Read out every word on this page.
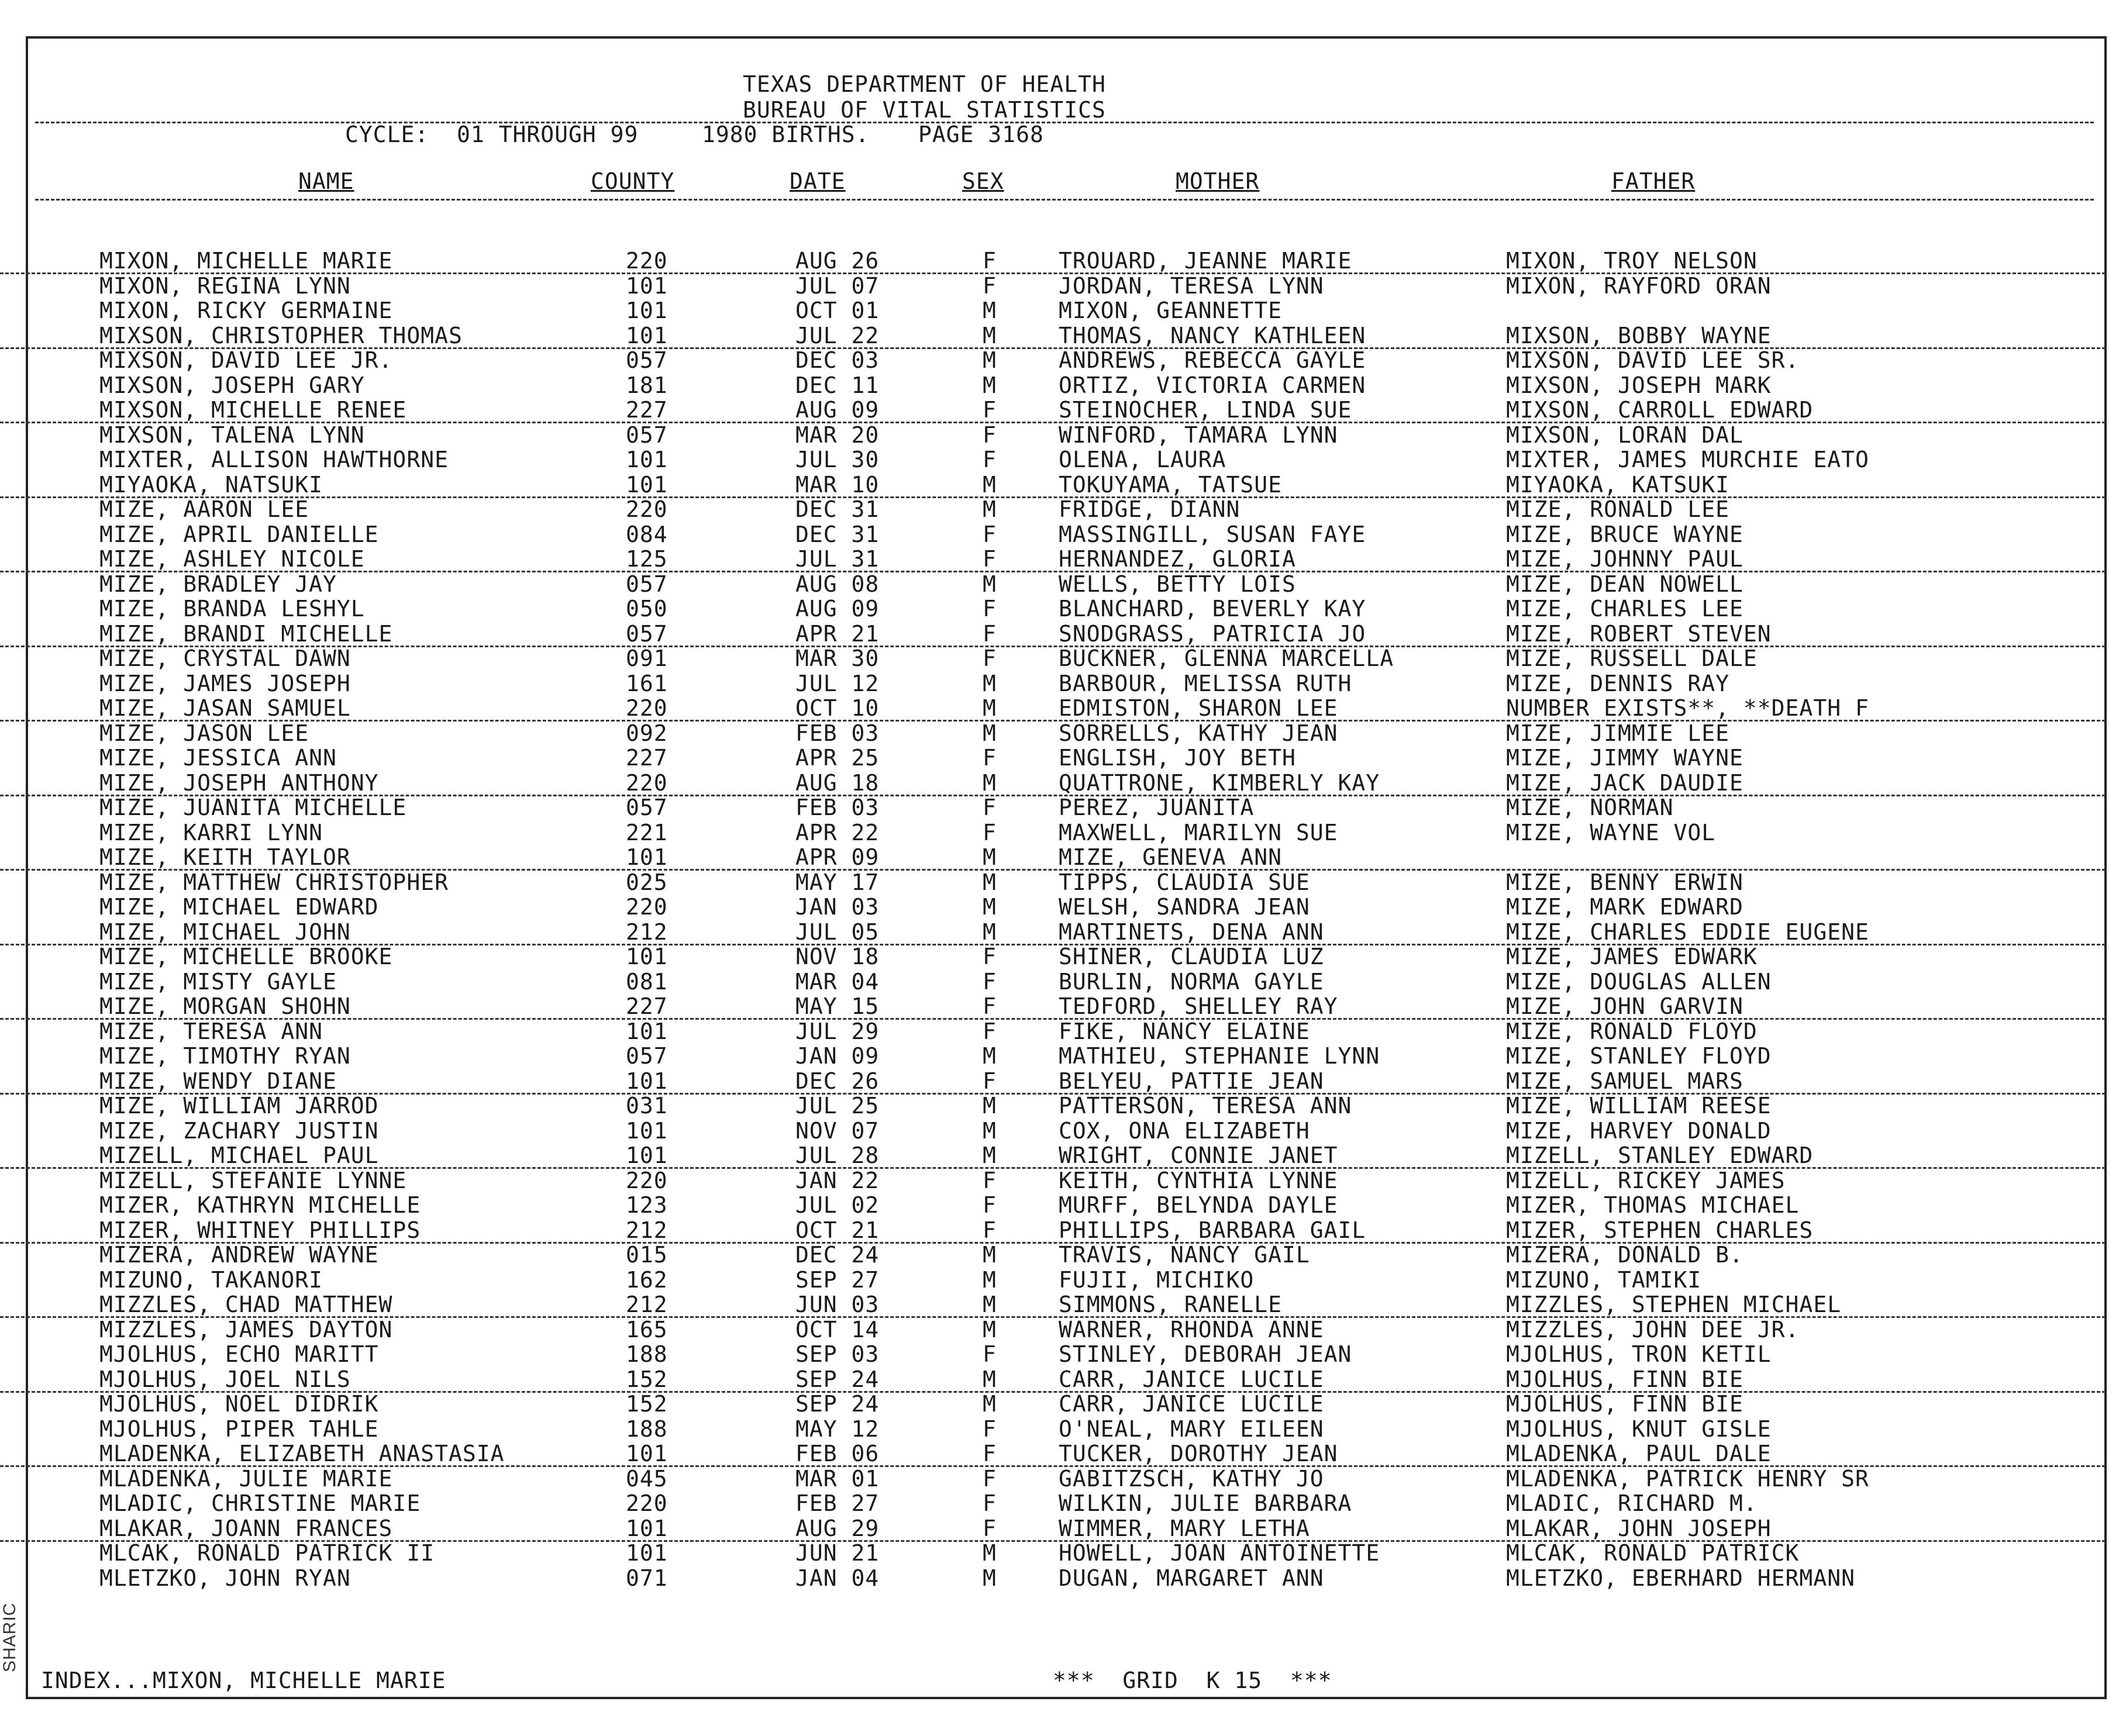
SHARIC
TEXAS DEPARTMENT OF HEALTH
BUREAU OF VITAL STATISTICS
CYCLE:  01 THROUGH 99	1980 BIRTHS. PAGE 3168
NAME	COUNTY	DATE	SEX	MOTHER	FATHER
MIXON, MICHELLE MARIE	220	AUG 26	F	TROUARD, JEANNE MARIE	MIXON, TROY NELSON
MIXON, REGINA LYNN	101	JUL 07	F	JORDAN, TERESA LYNN	MIXON, RAYFORD ORAN
MIXON, RICKY GERMAINE	101	OCT 01	M	MIXON, GEANNETTE
MIXSON, CHRISTOPHER THOMAS	101	JUL 22	M	THOMAS, NANCY KATHLEEN	MIXSON, BOBBY WAYNE
MIXSON, DAVID LEE JR.	057	DEC 03	M	ANDREWS, REBECCA GAYLE	MIXSON, DAVID LEE SR.
MIXSON, JOSEPH GARY	181	DEC 11	M	ORTIZ, VICTORIA CARMEN	MIXSON, JOSEPH MARK
MIXSON, MICHELLE RENEE	227	AUG 09	F	STEINOCHER, LINDA SUE	MIXSON, CARROLL EDWARD
MIXSON, TALENA LYNN	057	MAR 20	F	WINFORD, TAMARA LYNN	MIXSON, LORAN DAL
MIXTER, ALLISON HAWTHORNE	101	JUL 30	F	OLENA, LAURA	MIXTER, JAMES MURCHIE EATO
MIYAOKA, NATSUKI	101	MAR 10	M	TOKUYAMA, TATSUE	MIYAOKA, KATSUKI
MIZE, AARON LEE	220	DEC 31	M	FRIDGE, DIANN	MIZE, RONALD LEE
MIZE, APRIL DANIELLE	084	DEC 31	F	MASSINGILL, SUSAN FAYE	MIZE, BRUCE WAYNE
MIZE, ASHLEY NICOLE	125	JUL 31	F	HERNANDEZ, GLORIA	MIZE, JOHNNY PAUL
MIZE, BRADLEY JAY	057	AUG 08	M	WELLS, BETTY LOIS	MIZE, DEAN NOWELL
MIZE, BRANDA LESHYL	050	AUG 09	F	BLANCHARD, BEVERLY KAY	MIZE, CHARLES LEE
MIZE, BRANDI MICHELLE	057	APR 21	F	SNODGRASS, PATRICIA JO	MIZE, ROBERT STEVEN
MIZE, CRYSTAL DAWN	091	MAR 30	F	BUCKNER, GLENNA MARCELLA	MIZE, RUSSELL DALE
MIZE, JAMES JOSEPH	161	JUL 12	M	BARBOUR, MELISSA RUTH	MIZE, DENNIS RAY
MIZE, JASAN SAMUEL	220	OCT 10	M	EDMISTON, SHARON LEE	NUMBER EXISTS**, **DEATH F
MIZE, JASON LEE	092	FEB 03	M	SORRELLS, KATHY JEAN	MIZE, JIMMIE LEE
MIZE, JESSICA ANN	227	APR 25	F	ENGLISH, JOY BETH	MIZE, JIMMY WAYNE
MIZE, JOSEPH ANTHONY	220	AUG 18	M	QUATTRONE, KIMBERLY KAY	MIZE, JACK DAUDIE
MIZE, JUANITA MICHELLE	057	FEB 03	F	PEREZ, JUANITA	MIZE, NORMAN
MIZE, KARRI LYNN	221	APR 22	F	MAXWELL, MARILYN SUE	MIZE, WAYNE VOL
MIZE, KEITH TAYLOR	101	APR 09	M	MIZE, GENEVA ANN
MIZE, MATTHEW CHRISTOPHER	025	MAY 17	M	TIPPS, CLAUDIA SUE	MIZE, BENNY ERWIN
MIZE, MICHAEL EDWARD	220	JAN 03	M	WELSH, SANDRA JEAN	MIZE, MARK EDWARD
MIZE, MICHAEL JOHN	212	JUL 05	M	MARTINETS, DENA ANN	MIZE, CHARLES EDDIE EUGENE
MIZE, MICHELLE BROOKE	101	NOV 18	F	SHINER, CLAUDIA LUZ	MIZE, JAMES EDWARK
MIZE, MISTY GAYLE	081	MAR 04	F	BURLIN, NORMA GAYLE	MIZE, DOUGLAS ALLEN
MIZE, MORGAN SHOHN	227	MAY 15	F	TEDFORD, SHELLEY RAY	MIZE, JOHN GARVIN
MIZE, TERESA ANN	101	JUL 29	F	FIKE, NANCY ELAINE	MIZE, RONALD FLOYD
MIZE, TIMOTHY RYAN	057	JAN 09	M	MATHIEU, STEPHANIE LYNN	MIZE, STANLEY FLOYD
MIZE, WENDY DIANE	101	DEC 26	F	BELYEU, PATTIE JEAN	MIZE, SAMUEL MARS
MIZE, WILLIAM JARROD	031	JUL 25	M	PATTERSON, TERESA ANN	MIZE, WILLIAM REESE
MIZE, ZACHARY JUSTIN	101	NOV 07	M	COX, ONA ELIZABETH	MIZE, HARVEY DONALD
MIZELL, MICHAEL PAUL	101	JUL 28	M	WRIGHT, CONNIE JANET	MIZELL, STANLEY EDWARD
MIZELL, STEFANIE LYNNE	220	JAN 22	F	KEITH, CYNTHIA LYNNE	MIZELL, RICKEY JAMES
MIZER, KATHRYN MICHELLE	123	JUL 02	F	MURFF, BELYNDA DAYLE	MIZER, THOMAS MICHAEL
MIZER, WHITNEY PHILLIPS	212	OCT 21	F	PHILLIPS, BARBARA GAIL	MIZER, STEPHEN CHARLES
MIZERA, ANDREW WAYNE	015	DEC 24	M	TRAVIS, NANCY GAIL	MIZERA, DONALD B.
MIZUNO, TAKANORI	162	SEP 27	M	FUJII, MICHIKO	MIZUNO, TAMIKI
MIZZLES, CHAD MATTHEW	212	JUN 03	M	SIMMONS, RANELLE	MIZZLES, STEPHEN MICHAEL
MIZZLES, JAMES DAYTON	165	OCT 14	M	WARNER, RHONDA ANNE	MIZZLES, JOHN DEE JR.
MJOLHUS, ECHO MARITT	188	SEP 03	F	STINLEY, DEBORAH JEAN	MJOLHUS, TRON KETIL
MJOLHUS, JOEL NILS	152	SEP 24	M	CARR, JANICE LUCILE	MJOLHUS, FINN BIE
MJOLHUS, NOEL DIDRIK	152	SEP 24	M	CARR, JANICE LUCILE	MJOLHUS, FINN BIE
MJOLHUS, PIPER TAHLE	188	MAY 12	F	O'NEAL, MARY EILEEN	MJOLHUS, KNUT GISLE
MLADENKA, ELIZABETH ANASTASIA	101	FEB 06	F	TUCKER, DOROTHY JEAN	MLADENKA, PAUL DALE
MLADENKA, JULIE MARIE	045	MAR 01	F	GABITZSCH, KATHY JO	MLADENKA, PATRICK HENRY SR
MLADIC, CHRISTINE MARIE	220	FEB 27	F	WILKIN, JULIE BARBARA	MLADIC, RICHARD M.
MLAKAR, JOANN FRANCES	101	AUG 29	F	WIMMER, MARY LETHA	MLAKAR, JOHN JOSEPH
MLCAK, RONALD PATRICK II	101	JUN 21	M	HOWELL, JOAN ANTOINETTE	MLCAK, RONALD PATRICK
MLETZKO, JOHN RYAN	071	JAN 04	M	DUGAN, MARGARET ANN	MLETZKO, EBERHARD HERMANN
INDEX...MIXON, MICHELLE MARIE	***  GRID  K 15  ***
